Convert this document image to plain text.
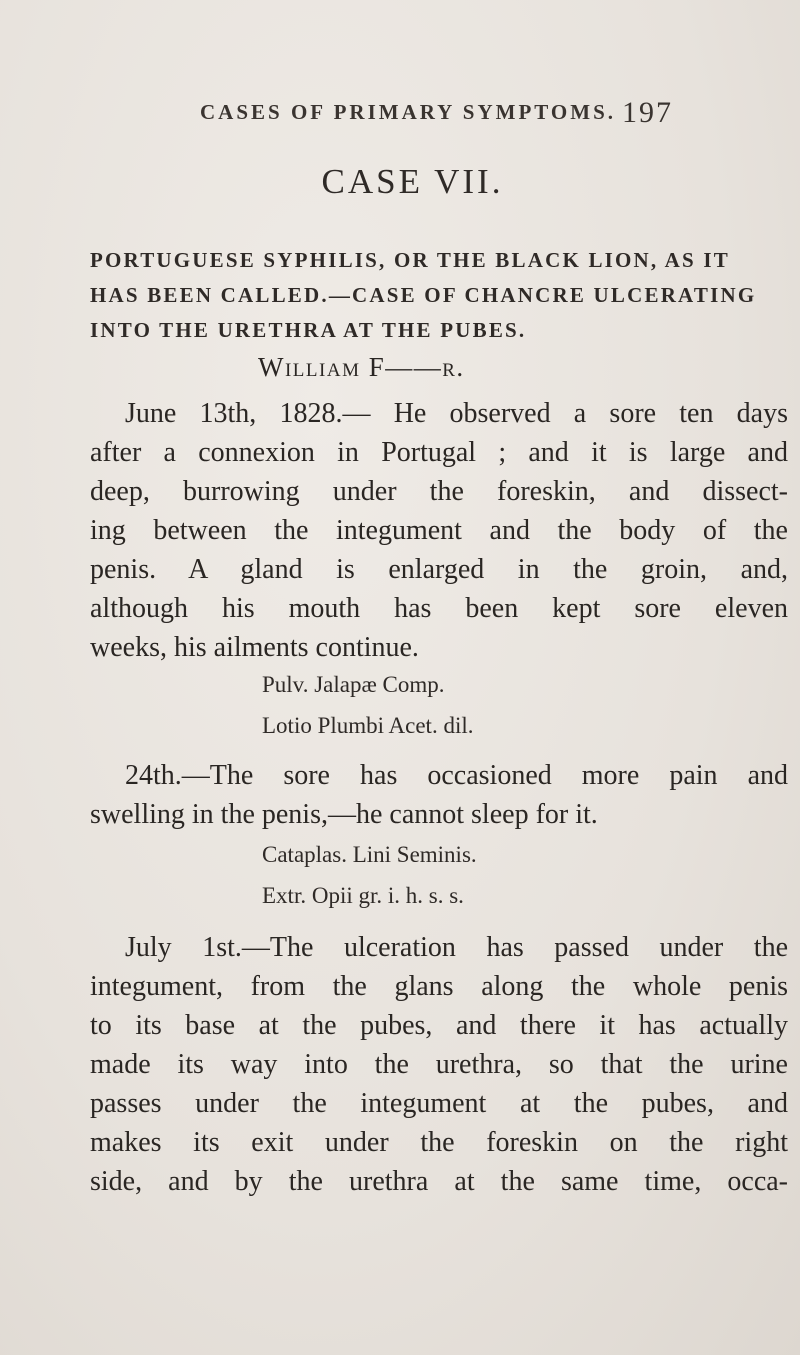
CASES OF PRIMARY SYMPTOMS. 197
CASE VII.
PORTUGUESE SYPHILIS, OR THE BLACK LION, AS IT
HAS BEEN CALLED.—CASE OF CHANCRE ULCERATING
INTO THE URETHRA AT THE PUBES.
William F——r.
June 13th, 1828.— He observed a sore ten days
after a connexion in Portugal ; and it is large and
deep, burrowing under the foreskin, and dissect-
ing between the integument and the body of the
penis. A gland is enlarged in the groin, and,
although his mouth has been kept sore eleven
weeks, his ailments continue.
Pulv. Jalapæ Comp.
Lotio Plumbi Acet. dil.
24th.—The sore has occasioned more pain and
swelling in the penis,—he cannot sleep for it.
Cataplas. Lini Seminis.
Extr. Opii gr. i. h. s. s.
July 1st.—The ulceration has passed under the
integument, from the glans along the whole penis
to its base at the pubes, and there it has actually
made its way into the urethra, so that the urine
passes under the integument at the pubes, and
makes its exit under the foreskin on the right
side, and by the urethra at the same time, occa-
